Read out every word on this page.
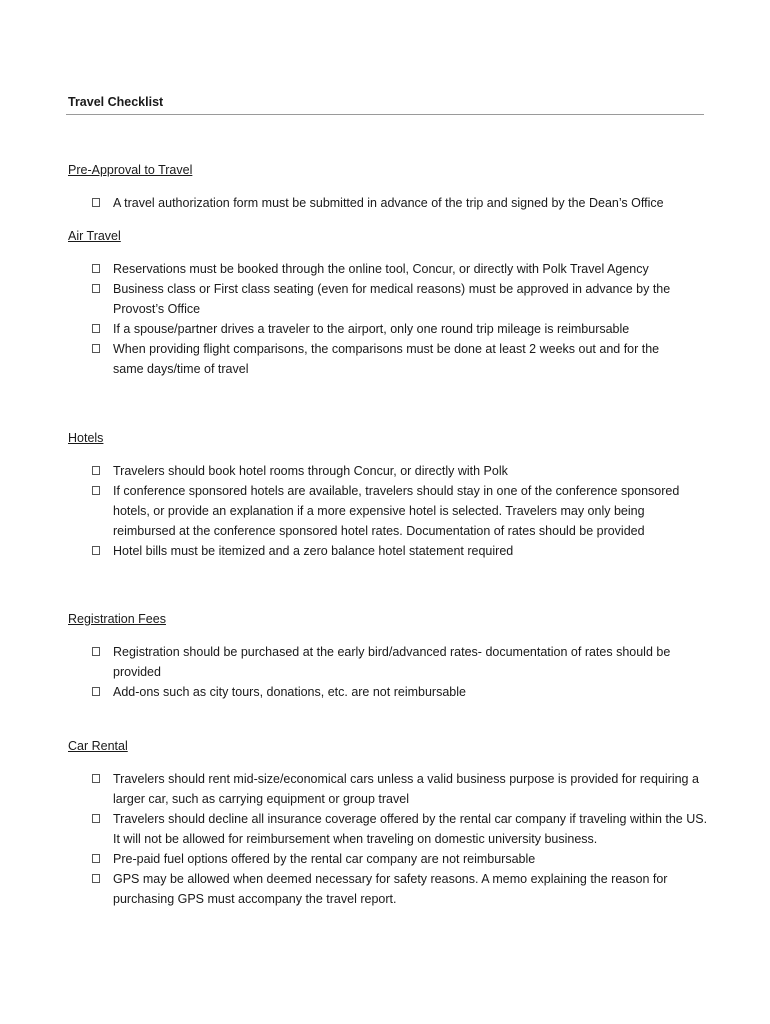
Travel Checklist

Pre-Approval to Travel

A travel authorization form must be submitted in advance of the trip and signed by the Dean’s Office

Air Travel

Reservations must be booked through the online tool, Concur, or directly with Polk Travel Agency
Business class or First class seating (even for medical reasons) must be approved in advance by the Provost’s Office
If a spouse/partner drives a traveler to the airport, only one round trip mileage is reimbursable
When providing flight comparisons, the comparisons must be done at least 2 weeks out and for the same days/time of travel

Hotels

Travelers should book hotel rooms through Concur, or directly with Polk
If conference sponsored hotels are available, travelers should stay in one of the conference sponsored hotels, or provide an explanation if a more expensive hotel is selected. Travelers may only being reimbursed at the conference sponsored hotel rates. Documentation of rates should be provided
Hotel bills must be itemized and a zero balance hotel statement required

Registration Fees

Registration should be purchased at the early bird/advanced rates- documentation of rates should be provided
Add-ons such as city tours, donations, etc. are not reimbursable

Car Rental

Travelers should rent mid-size/economical cars unless a valid business purpose is provided for requiring a larger car, such as carrying equipment or group travel
Travelers should decline all insurance coverage offered by the rental car company if traveling within the US. It will not be allowed for reimbursement when traveling on domestic university business.
Pre-paid fuel options offered by the rental car company are not reimbursable
GPS may be allowed when deemed necessary for safety reasons. A memo explaining the reason for purchasing GPS must accompany the travel report.
